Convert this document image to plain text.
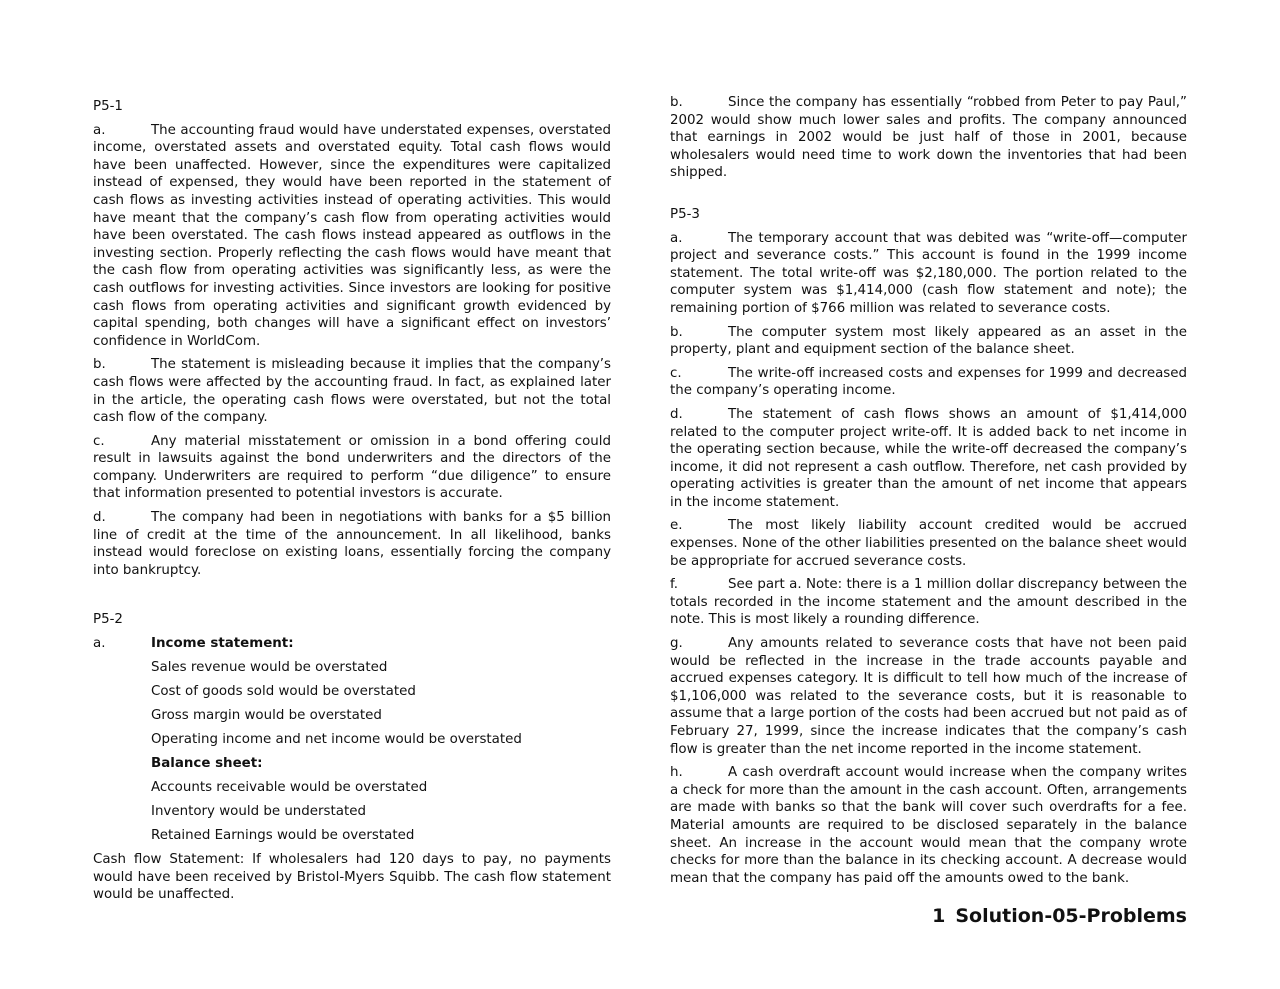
P5-1

a.	The accounting fraud would have understated expenses, overstated income, overstated assets and overstated equity. Total cash flows would have been unaffected. However, since the expenditures were capitalized instead of expensed, they would have been reported in the statement of cash flows as investing activities instead of operating activities. This would have meant that the company’s cash flow from operating activities would have been overstated. The cash flows instead appeared as outflows in the investing section. Properly reflecting the cash flows would have meant that the cash flow from operating activities was significantly less, as were the cash outflows for investing activities. Since investors are looking for positive cash flows from operating activities and significant growth evidenced by capital spending, both changes will have a significant effect on investors’ confidence in WorldCom.

b.	The statement is misleading because it implies that the company’s cash flows were affected by the accounting fraud. In fact, as explained later in the article, the operating cash flows were overstated, but not the total cash flow of the company.

c.	Any material misstatement or omission in a bond offering could result in lawsuits against the bond underwriters and the directors of the company. Underwriters are required to perform “due diligence” to ensure that information presented to potential investors is accurate.

d.	The company had been in negotiations with banks for a $5 billion line of credit at the time of the announcement. In all likelihood, banks instead would foreclose on existing loans, essentially forcing the company into bankruptcy.

P5-2

a.	Income statement:
Sales revenue would be overstated
Cost of goods sold would be overstated
Gross margin would be overstated
Operating income and net income would be overstated
Balance sheet:
Accounts receivable would be overstated
Inventory would be understated
Retained Earnings would be overstated

Cash flow Statement: If wholesalers had 120 days to pay, no payments would have been received by Bristol-Myers Squibb. The cash flow statement would be unaffected.

b.	Since the company has essentially “robbed from Peter to pay Paul,” 2002 would show much lower sales and profits. The company announced that earnings in 2002 would be just half of those in 2001, because wholesalers would need time to work down the inventories that had been shipped.

P5-3

a.	The temporary account that was debited was “write-off—computer project and severance costs.” This account is found in the 1999 income statement. The total write-off was $2,180,000. The portion related to the computer system was $1,414,000 (cash flow statement and note); the remaining portion of $766 million was related to severance costs.

b.	The computer system most likely appeared as an asset in the property, plant and equipment section of the balance sheet.

c.	The write-off increased costs and expenses for 1999 and decreased the company’s operating income.

d.	The statement of cash flows shows an amount of $1,414,000 related to the computer project write-off. It is added back to net income in the operating section because, while the write-off decreased the company’s income, it did not represent a cash outflow. Therefore, net cash provided by operating activities is greater than the amount of net income that appears in the income statement.

e.	The most likely liability account credited would be accrued expenses. None of the other liabilities presented on the balance sheet would be appropriate for accrued severance costs.

f.	See part a. Note: there is a 1 million dollar discrepancy between the totals recorded in the income statement and the amount described in the note. This is most likely a rounding difference.

g.	Any amounts related to severance costs that have not been paid would be reflected in the increase in the trade accounts payable and accrued expenses category. It is difficult to tell how much of the increase of $1,106,000 was related to the severance costs, but it is reasonable to assume that a large portion of the costs had been accrued but not paid as of February 27, 1999, since the increase indicates that the company’s cash flow is greater than the net income reported in the income statement.

h.	A cash overdraft account would increase when the company writes a check for more than the amount in the cash account. Often, arrangements are made with banks so that the bank will cover such overdrafts for a fee. Material amounts are required to be disclosed separately in the balance sheet. An increase in the account would mean that the company wrote checks for more than the balance in its checking account. A decrease would mean that the company has paid off the amounts owed to the bank.

1 Solution-05-Problems
